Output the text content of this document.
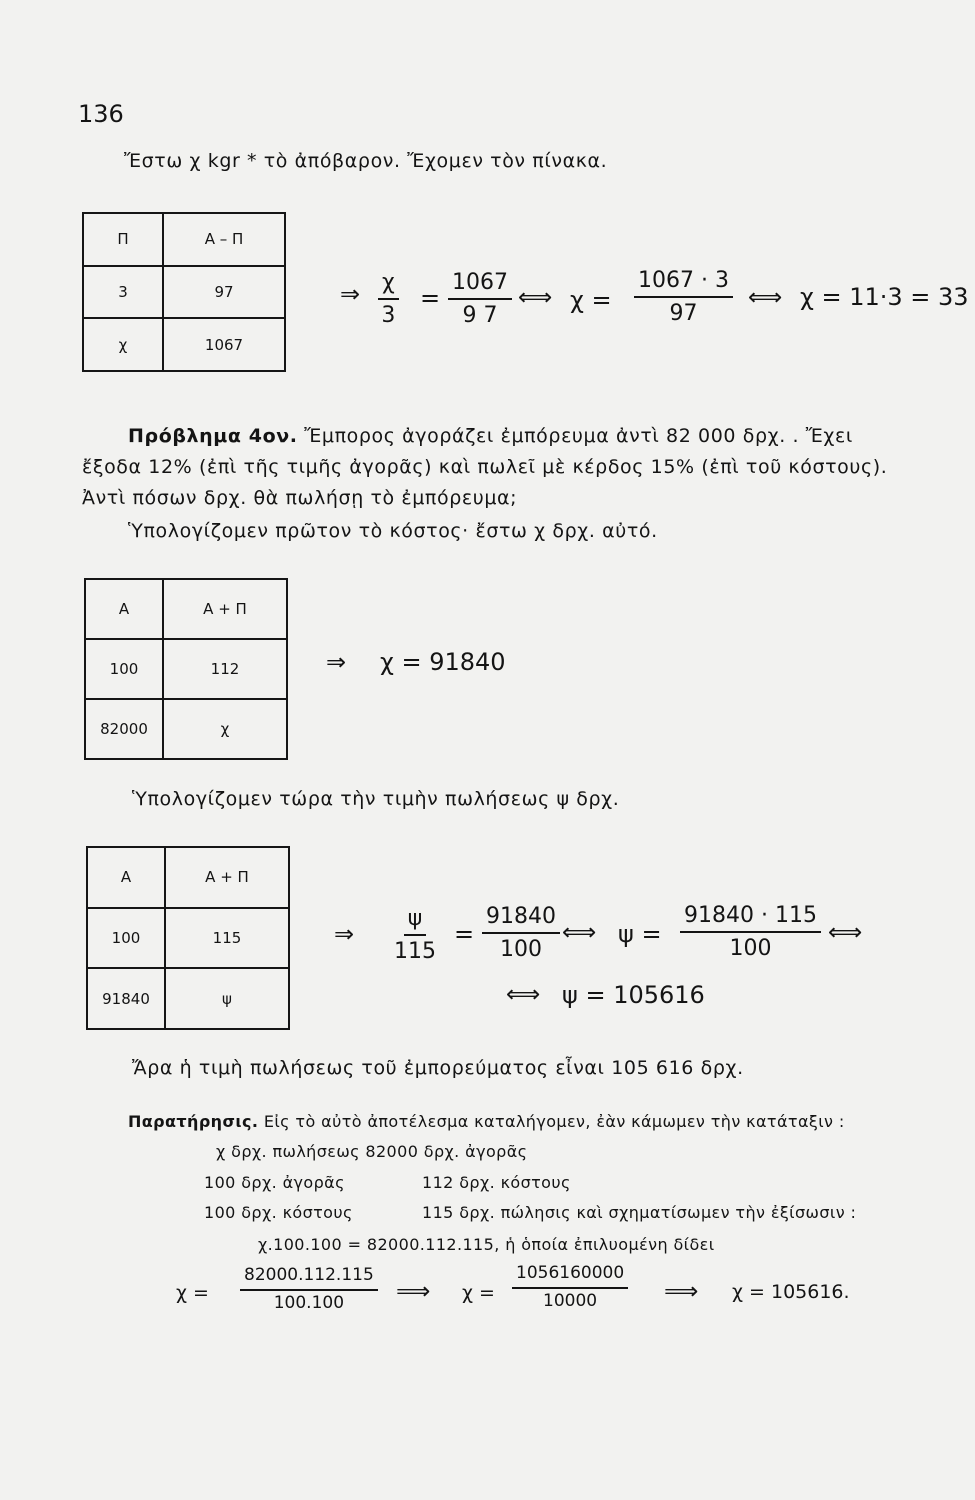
136
Ἔστω χ kgr * τὸ ἀπόβαρον. Ἔχομεν τὸν πίνακα.
Π	Α – Π
3	97
χ	1067
⇒ $\frac{\chi}{3} = \frac{1067}{9 7}$ ⟺ $\chi = \frac{1067 \cdot 3}{97}$ ⟺ χ = 11·3 = 33
Πρόβλημα 4ον. Ἔμπορος ἀγοράζει ἐμπόρευμα ἀντὶ 82 000 δρχ. . Ἔχει
ἔξοδα 12% (ἐπὶ τῆς τιμῆς ἀγορᾶς) καὶ πωλεῖ μὲ κέρδος 15% (ἐπὶ τοῦ κόστους).
Ἀντὶ πόσων δρχ. θὰ πωλήσῃ τὸ ἐμπόρευμα;
Ὑπολογίζομεν πρῶτον τὸ κόστος· ἔστω χ δρχ. αὐτό.
Α	Α + Π
100	112
82000	χ
⇒ χ = 91840
Ὑπολογίζομεν τώρα τὴν τιμὴν πωλήσεως ψ δρχ.
Α	Α + Π
100	115
91840	ψ
⇒ $\frac{\psi}{115} = \frac{91840}{100}$ ⟺ $\psi = \frac{91840 \cdot 115}{100}$ ⟺
⟺ ψ = 105616
Ἄρα ἡ τιμὴ πωλήσεως τοῦ ἐμπορεύματος εἶναι 105 616 δρχ.
Παρατήρησις. Εἰς τὸ αὐτὸ ἀποτέλεσμα καταλήγομεν, ἐὰν κάμωμεν τὴν κατάταξιν :
χ δρχ. πωλήσεως 82000 δρχ. ἀγορᾶς
100 δρχ. ἀγορᾶς	112 δρχ. κόστους
100 δρχ. κόστους	115 δρχ. πώλησις καὶ σχηματίσωμεν τὴν ἐξίσωσιν :
χ.100.100 = 82000.112.115, ἡ ὁποία ἐπιλυομένη δίδει
$\chi = \frac{82000.112.115}{100.100}$ ⟹ $\chi = \frac{1056160000}{10000}$ ⟹ χ = 105616.
